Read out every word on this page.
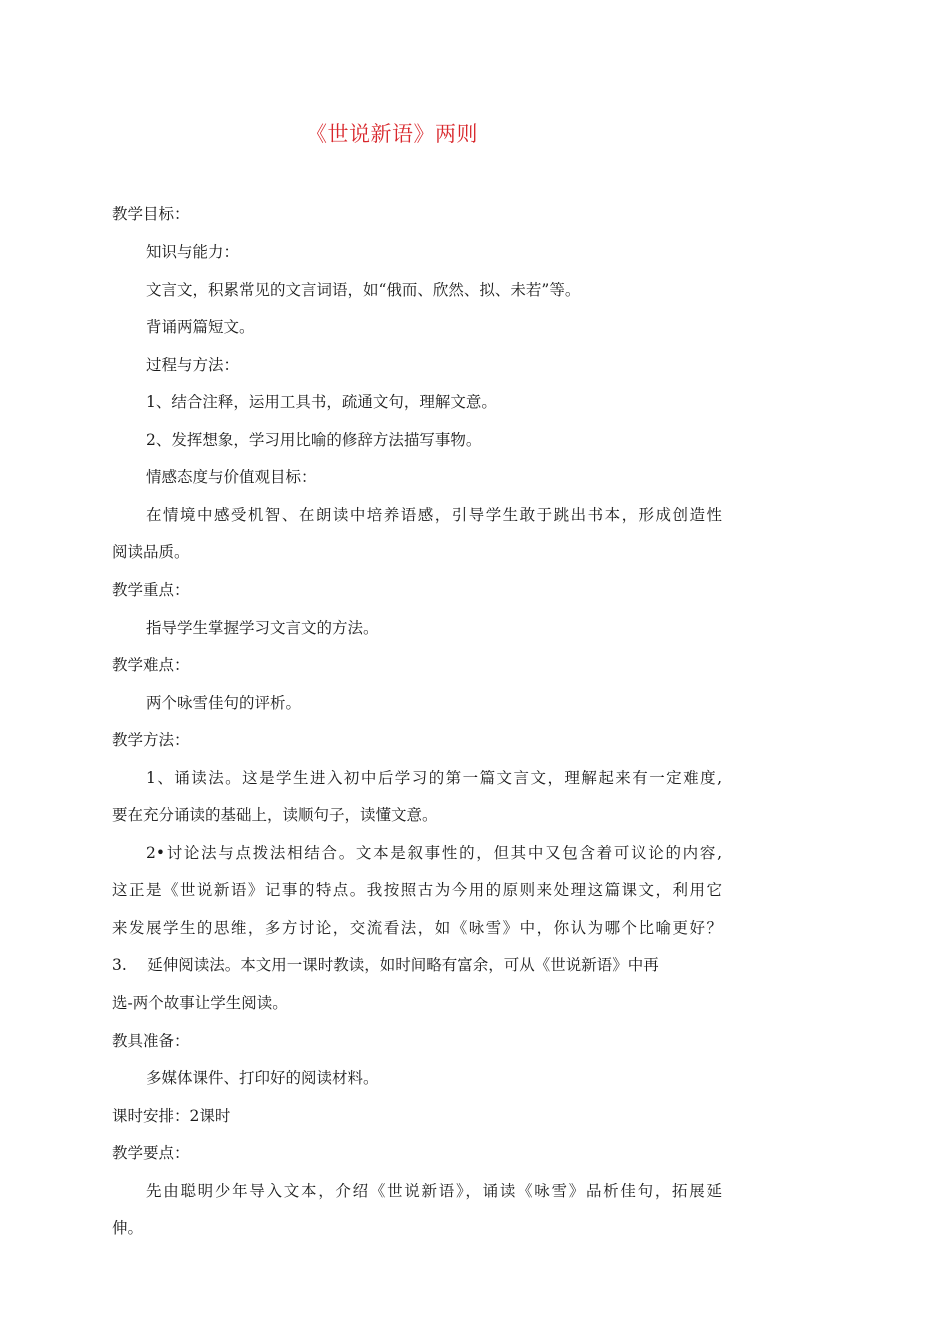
《世说新语》两则
教学目标：
知识与能力：
文言文，积累常见的文言词语，如“俄而、欣然、拟、未若”等。
背诵两篇短文。
过程与方法：
1、结合注释，运用工具书，疏通文句，理解文意。
2、发挥想象，学习用比喻的修辞方法描写事物。
情感态度与价值观目标：
在情境中感受机智、在朗读中培养语感，引导学生敢于跳出书本，形成创造性
阅读品质。
教学重点：
指导学生掌握学习文言文的方法。
教学难点：
两个咏雪佳句的评析。
教学方法：
1、诵读法。这是学生进入初中后学习的第一篇文言文，理解起来有一定难度,
要在充分诵读的基础上，读顺句子，读懂文意。
2•讨论法与点拨法相结合。文本是叙事性的，但其中又包含着可议论的内容,
这正是《世说新语》记事的特点。我按照古为今用的原则来处理这篇课文，利用它
来发展学生的思维，多方讨论，交流看法，如《咏雪》中，你认为哪个比喻更好？
3.　 延伸阅读法。本文用一课时教读，如时间略有富余，可从《世说新语》中再
选-两个故事让学生阅读。
教具准备：
多媒体课件、打印好的阅读材料。
课时安排：2课时
教学要点：
先由聪明少年导入文本，介绍《世说新语》，诵读《咏雪》品析佳句，拓展延
伸。
